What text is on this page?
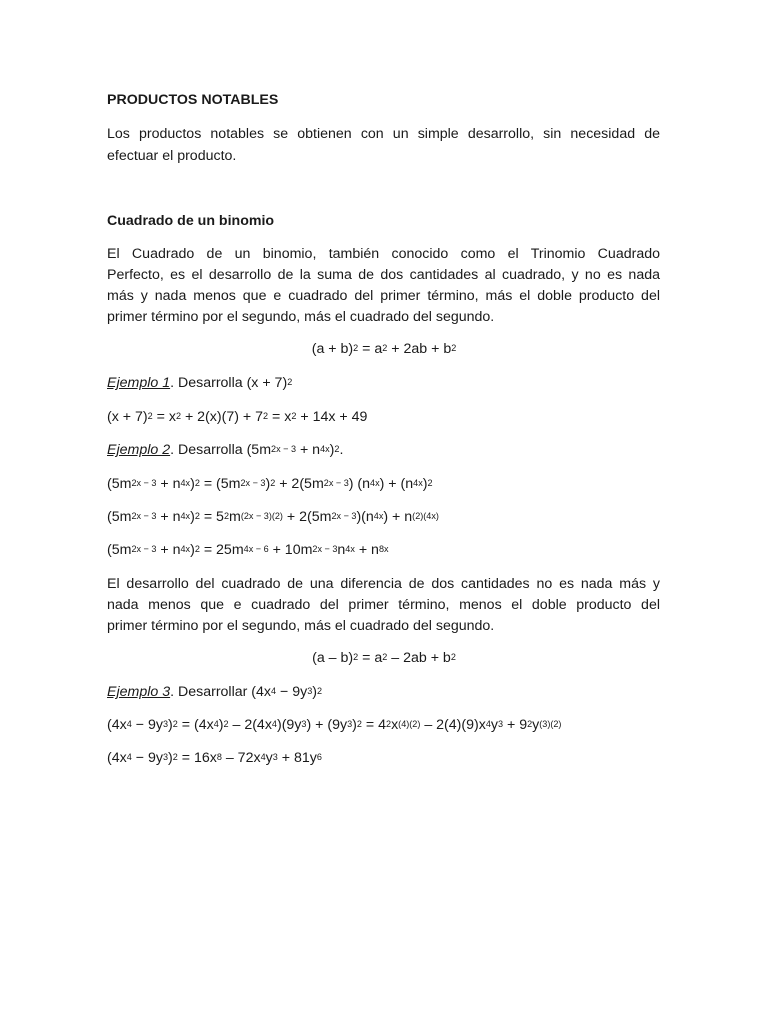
PRODUCTOS NOTABLES
Los productos notables se obtienen con un simple desarrollo, sin necesidad de
efectuar el producto.
Cuadrado de un binomio
El Cuadrado de un binomio, también conocido como el Trinomio Cuadrado
Perfecto, es el desarrollo de la suma de dos cantidades al cuadrado, y no es nada
más y nada menos que e cuadrado del primer término, más el doble producto del
primer término por el segundo, más el cuadrado del segundo.
$(a + b)^2 = a^2 + 2ab + b^2$
Ejemplo 1. Desarrolla $(x + 7)^2$
$(x + 7)^2 = x^2 + 2(x)(7) + 7^2 = x^2 + 14x + 49$
Ejemplo 2. Desarrolla $(5m^{2x - 3} + n^{4x})^2$.
$(5m^{2x - 3} + n^{4x})^2 = (5m^{2x - 3})^2 + 2(5m^{2x - 3}) (n^{4x}) + (n^{4x})^2$
$(5m^{2x - 3} + n^{4x})^2 = 5^2m^{(2x - 3)(2)} + 2(5m^{2x - 3})(n^{4x}) + n^{(2)(4x)}$
$(5m^{2x - 3} + n^{4x})^2 = 25m^{4x - 6} + 10m^{2x - 3}n^{4x} + n^{8x}$
El desarrollo del cuadrado de una diferencia de dos cantidades no es nada más y
nada menos que e cuadrado del primer término, menos el doble producto del
primer término por el segundo, más el cuadrado del segundo.
$(a - b)^2 = a^2 - 2ab + b^2$
Ejemplo 3. Desarrollar $(4x^4 - 9y^3)^2$
$(4x^4 - 9y^3)^2 = (4x^4)^2 - 2(4x^4)(9y^3) + (9y^3)^2 = 4^2x^{(4)(2)} - 2(4)(9)x^4y^3 + 9^2y^{(3)(2)}$
$(4x^4 - 9y^3)^2 = 16x^8 - 72x^4y^3 + 81y^6$
